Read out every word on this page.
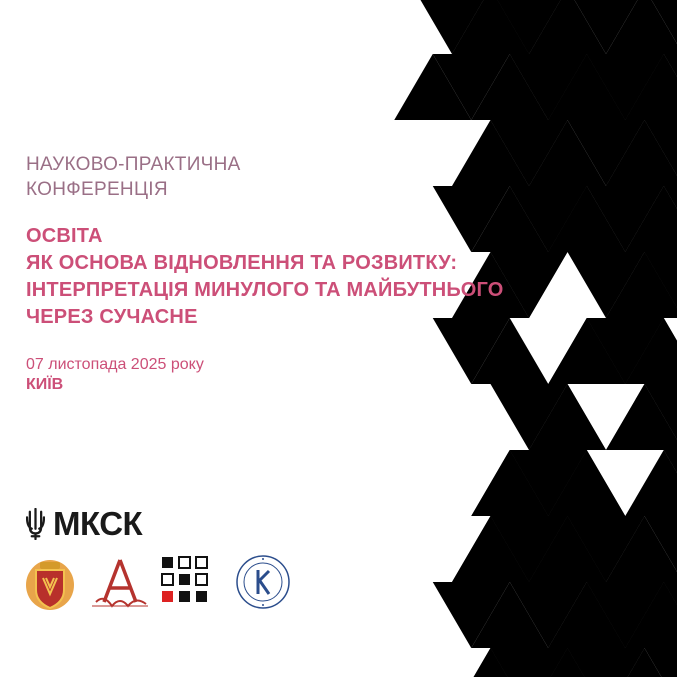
НАУКОВО-ПРАКТИЧНА
КОНФЕРЕНЦІЯ
ОСВІТА
ЯК ОСНОВА ВІДНОВЛЕННЯ ТА РОЗВИТКУ:
ІНТЕРПРЕТАЦІЯ МИНУЛОГО ТА МАЙБУТНЬОГО
ЧЕРЕЗ СУЧАСНЕ
07 листопада 2025 року
КИЇВ
МКСК
